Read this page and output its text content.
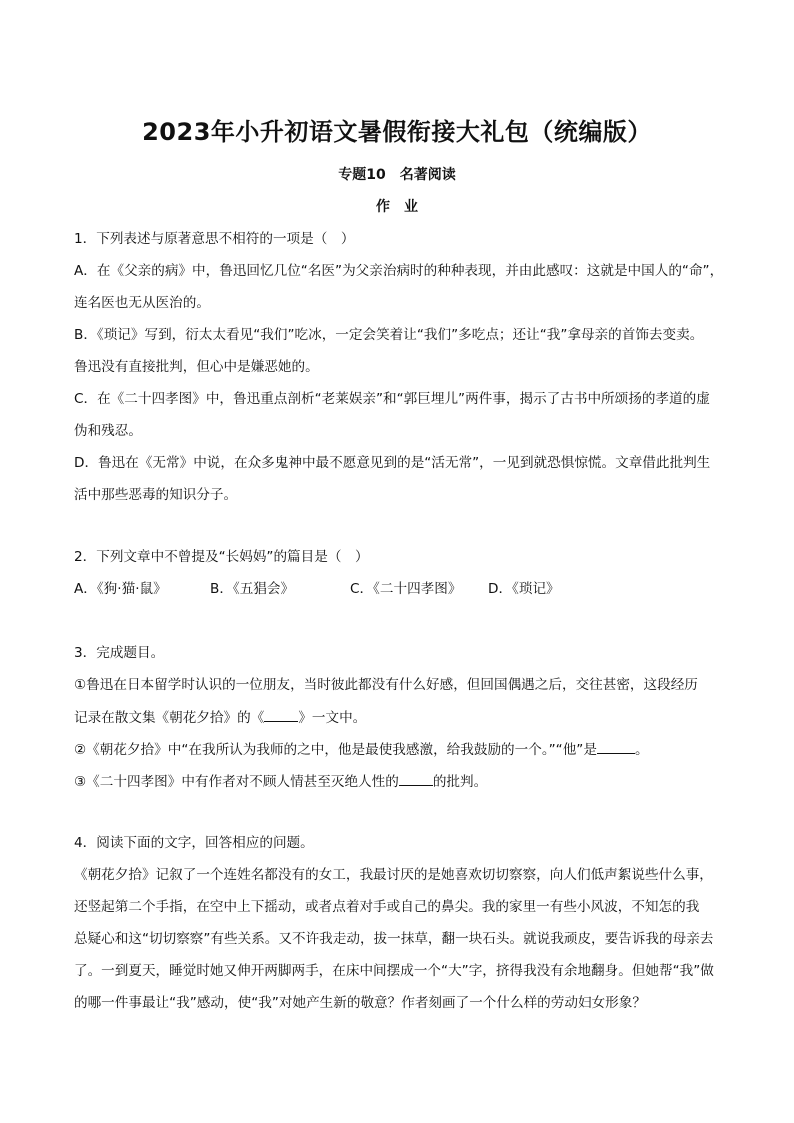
2023年小升初语文暑假衔接大礼包（统编版）
专题10　名著阅读
作业
1．下列表述与原著意思不相符的一项是（　）
A．在《父亲的病》中，鲁迅回忆几位“名医”为父亲治病时的种种表现，并由此感叹：这就是中国人的“命”，
连名医也无从医治的。
B．《琐记》写到，衍太太看见“我们”吃冰，一定会笑着让“我们”多吃点；还让“我”拿母亲的首饰去变卖。
鲁迅没有直接批判，但心中是嫌恶她的。
C．在《二十四孝图》中，鲁迅重点剖析“老莱娱亲”和“郭巨埋儿”两件事，揭示了古书中所颂扬的孝道的虚
伪和残忍。
D．鲁迅在《无常》中说，在众多鬼神中最不愿意见到的是“活无常”，一见到就恐惧惊慌。文章借此批判生
活中那些恶毒的知识分子。
2．下列文章中不曾提及“长妈妈”的篇目是（　）
A．《狗·猫·鼠》	B．《五猖会》	C．《二十四孝图》 D．《琐记》
3．完成题目。
①鲁迅在日本留学时认识的一位朋友，当时彼此都没有什么好感，但回国偶遇之后，交往甚密，这段经历
记录在散文集《朝花夕拾》的《	》一文中。
②《朝花夕拾》中“在我所认为我师的之中，他是最使我感激，给我鼓励的一个。”“他”是	。
③《二十四孝图》中有作者对不顾人情甚至灭绝人性的	的批判。
4．阅读下面的文字，回答相应的问题。
《朝花夕拾》记叙了一个连姓名都没有的女工，我最讨厌的是她喜欢切切察察，向人们低声絮说些什么事，
还竖起第二个手指，在空中上下摇动，或者点着对手或自己的鼻尖。我的家里一有些小风波，不知怎的我
总疑心和这“切切察察”有些关系。又不许我走动，拔一抹草，翻一块石头。就说我顽皮，要告诉我的母亲去
了。一到夏天，睡觉时她又伸开两脚两手，在床中间摆成一个“大”字，挤得我没有余地翻身。但她帮“我”做
的哪一件事最让“我”感动，使“我”对她产生新的敬意？作者刻画了一个什么样的劳动妇女形象？
